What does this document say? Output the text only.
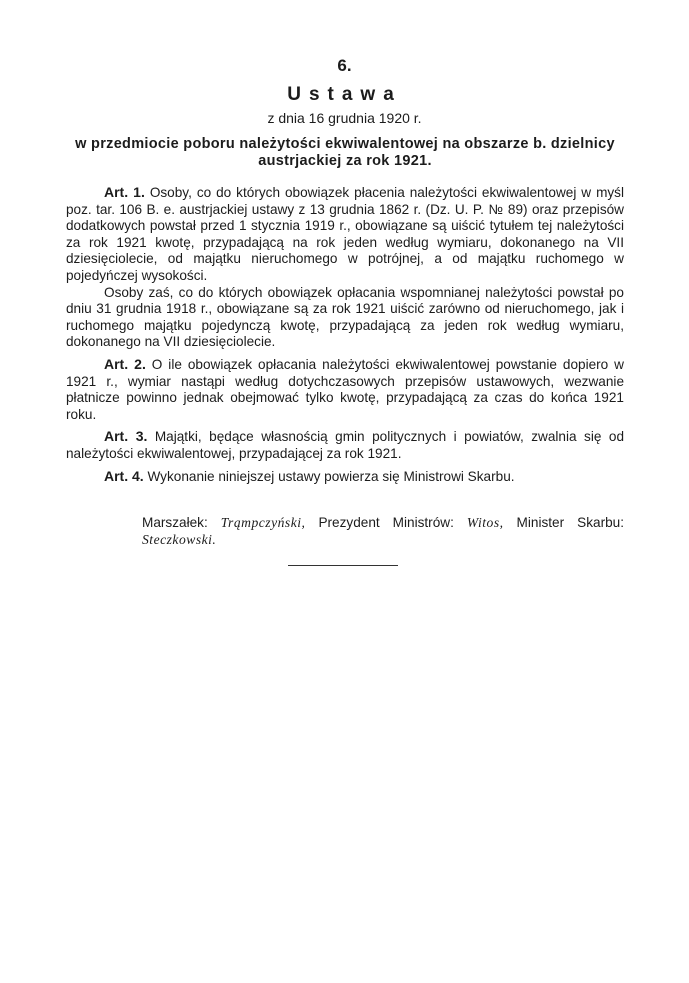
6.
Ustawa
z dnia 16 grudnia 1920 r.
w przedmiocie poboru należytości ekwiwalentowej na obszarze b. dzielnicy austrjackiej za rok 1921.

Art. 1. Osoby, co do których obowiązek płacenia należytości ekwiwalentowej w myśl poz. tar. 106 B. e. austrjackiej ustawy z 13 grudnia 1862 r. (Dz. U. P. № 89) oraz przepisów dodatkowych powstał przed 1 stycznia 1919 r., obowiązane są uiścić tytułem tej należytości za rok 1921 kwotę, przypadającą na rok jeden według wymiaru, dokonanego na VII dziesięciolecie, od majątku nieruchomego w potrójnej, a od majątku ruchomego w pojedyńczej wysokości.

Osoby zaś, co do których obowiązek opłacania wspomnianej należytości powstał po dniu 31 grudnia 1918 r., obowiązane są za rok 1921 uiścić zarówno od nieruchomego, jak i ruchomego majątku pojedynczą kwotę, przypadającą za jeden rok według wymiaru, dokonanego na VII dziesięciolecie.

Art. 2. O ile obowiązek opłacania należytości ekwiwalentowej powstanie dopiero w 1921 r., wymiar nastąpi według dotychczasowych przepisów ustawowych, wezwanie płatnicze powinno jednak obejmować tylko kwotę, przypadającą za czas do końca 1921 roku.

Art. 3. Majątki, będące własnością gmin politycznych i powiatów, zwalnia się od należytości ekwiwalentowej, przypadającej za rok 1921.

Art. 4. Wykonanie niniejszej ustawy powierza się Ministrowi Skarbu.

Marszałek: Trąmpczyński, Prezydent Ministrów: Witos, Minister Skarbu: Steczkowski.
